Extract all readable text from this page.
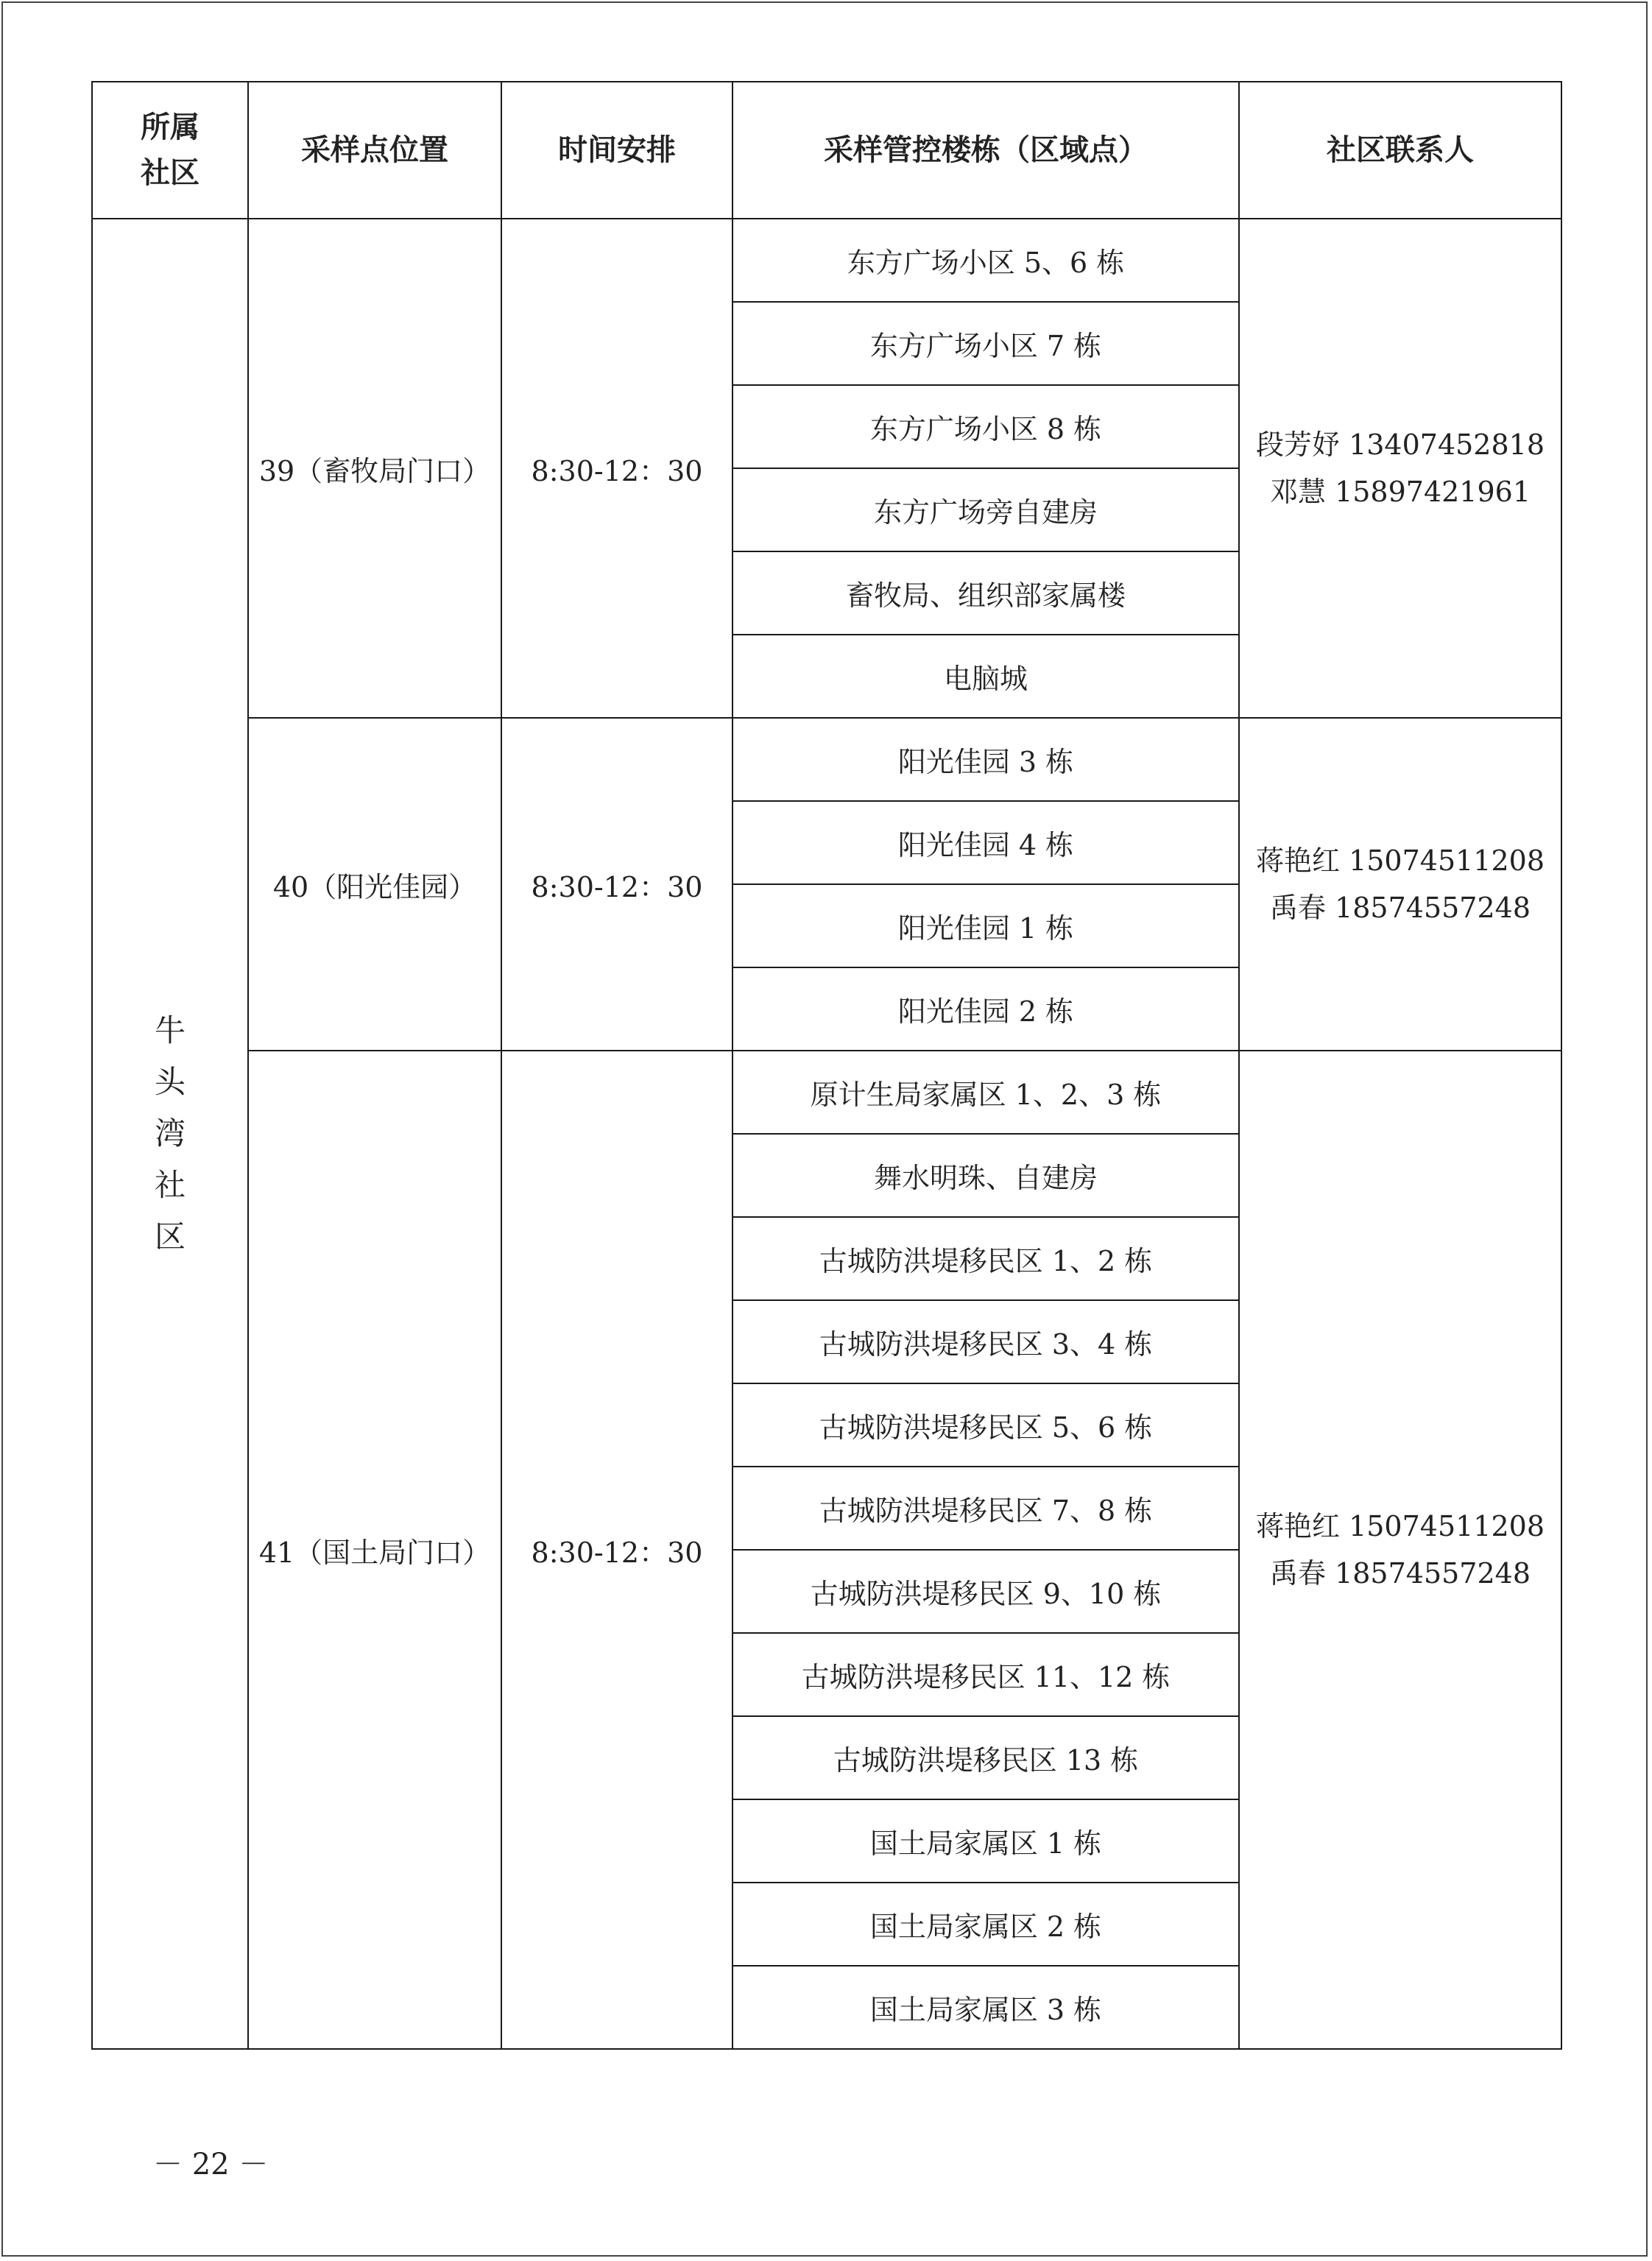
所属
社区	采样点位置	时间安排	采样管控楼栋（区域点）	社区联系人
牛头湾社区	39（畜牧局门口）	8:30-12：30	东方广场小区 5、6 栋	段芳妤 13407452818
邓慧 15897421961

			东方广场小区 7 栋	
			东方广场小区 8 栋	
			东方广场旁自建房	
			畜牧局、组织部家属楼	
			电脑城	
	40（阳光佳园）	8:30-12：30	阳光佳园 3 栋	蒋艳红 15074511208
禹春 18574557248

			阳光佳园 4 栋	
			阳光佳园 1 栋	
			阳光佳园 2 栋	
	41（国土局门口）	8:30-12：30	原计生局家属区 1、2、3 栋	蒋艳红 15074511208
禹春 18574557248

			舞水明珠、自建房	
			古城防洪堤移民区 1、2 栋	
			古城防洪堤移民区 3、4 栋	
			古城防洪堤移民区 5、6 栋	
			古城防洪堤移民区 7、8 栋	
			古城防洪堤移民区 9、10 栋	
			古城防洪堤移民区 11、12 栋	
			古城防洪堤移民区 13 栋	
			国土局家属区 1 栋	
			国土局家属区 2 栋	
			国土局家属区 3 栋	
－ 22 －
